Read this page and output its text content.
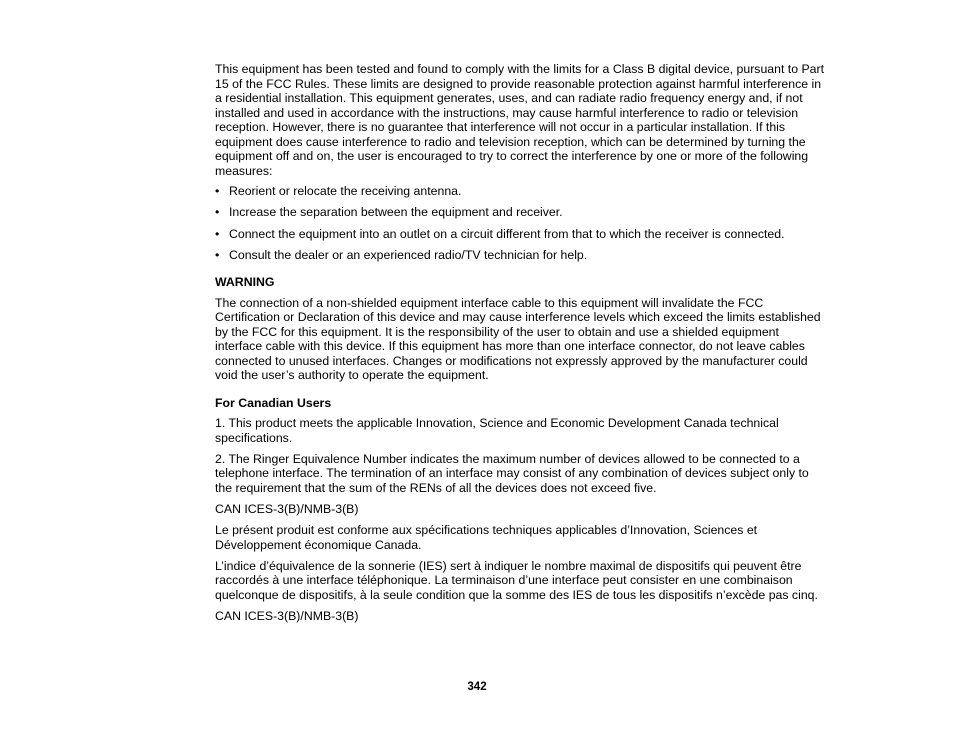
This equipment has been tested and found to comply with the limits for a Class B digital device, pursuant to Part 15 of the FCC Rules. These limits are designed to provide reasonable protection against harmful interference in a residential installation. This equipment generates, uses, and can radiate radio frequency energy and, if not installed and used in accordance with the instructions, may cause harmful interference to radio or television reception. However, there is no guarantee that interference will not occur in a particular installation. If this equipment does cause interference to radio and television reception, which can be determined by turning the equipment off and on, the user is encouraged to try to correct the interference by one or more of the following measures:

• Reorient or relocate the receiving antenna.
• Increase the separation between the equipment and receiver.
• Connect the equipment into an outlet on a circuit different from that to which the receiver is connected.
• Consult the dealer or an experienced radio/TV technician for help.

WARNING

The connection of a non-shielded equipment interface cable to this equipment will invalidate the FCC Certification or Declaration of this device and may cause interference levels which exceed the limits established by the FCC for this equipment. It is the responsibility of the user to obtain and use a shielded equipment interface cable with this device. If this equipment has more than one interface connector, do not leave cables connected to unused interfaces. Changes or modifications not expressly approved by the manufacturer could void the user’s authority to operate the equipment.

For Canadian Users

1. This product meets the applicable Innovation, Science and Economic Development Canada technical specifications.

2. The Ringer Equivalence Number indicates the maximum number of devices allowed to be connected to a telephone interface. The termination of an interface may consist of any combination of devices subject only to the requirement that the sum of the RENs of all the devices does not exceed five.

CAN ICES-3(B)/NMB-3(B)

Le présent produit est conforme aux spécifications techniques applicables d’Innovation, Sciences et Développement économique Canada.

L’indice d’équivalence de la sonnerie (IES) sert à indiquer le nombre maximal de dispositifs qui peuvent être raccordés à une interface téléphonique. La terminaison d’une interface peut consister en une combinaison quelconque de dispositifs, à la seule condition que la somme des IES de tous les dispositifs n’excède pas cinq.

CAN ICES-3(B)/NMB-3(B)

342
